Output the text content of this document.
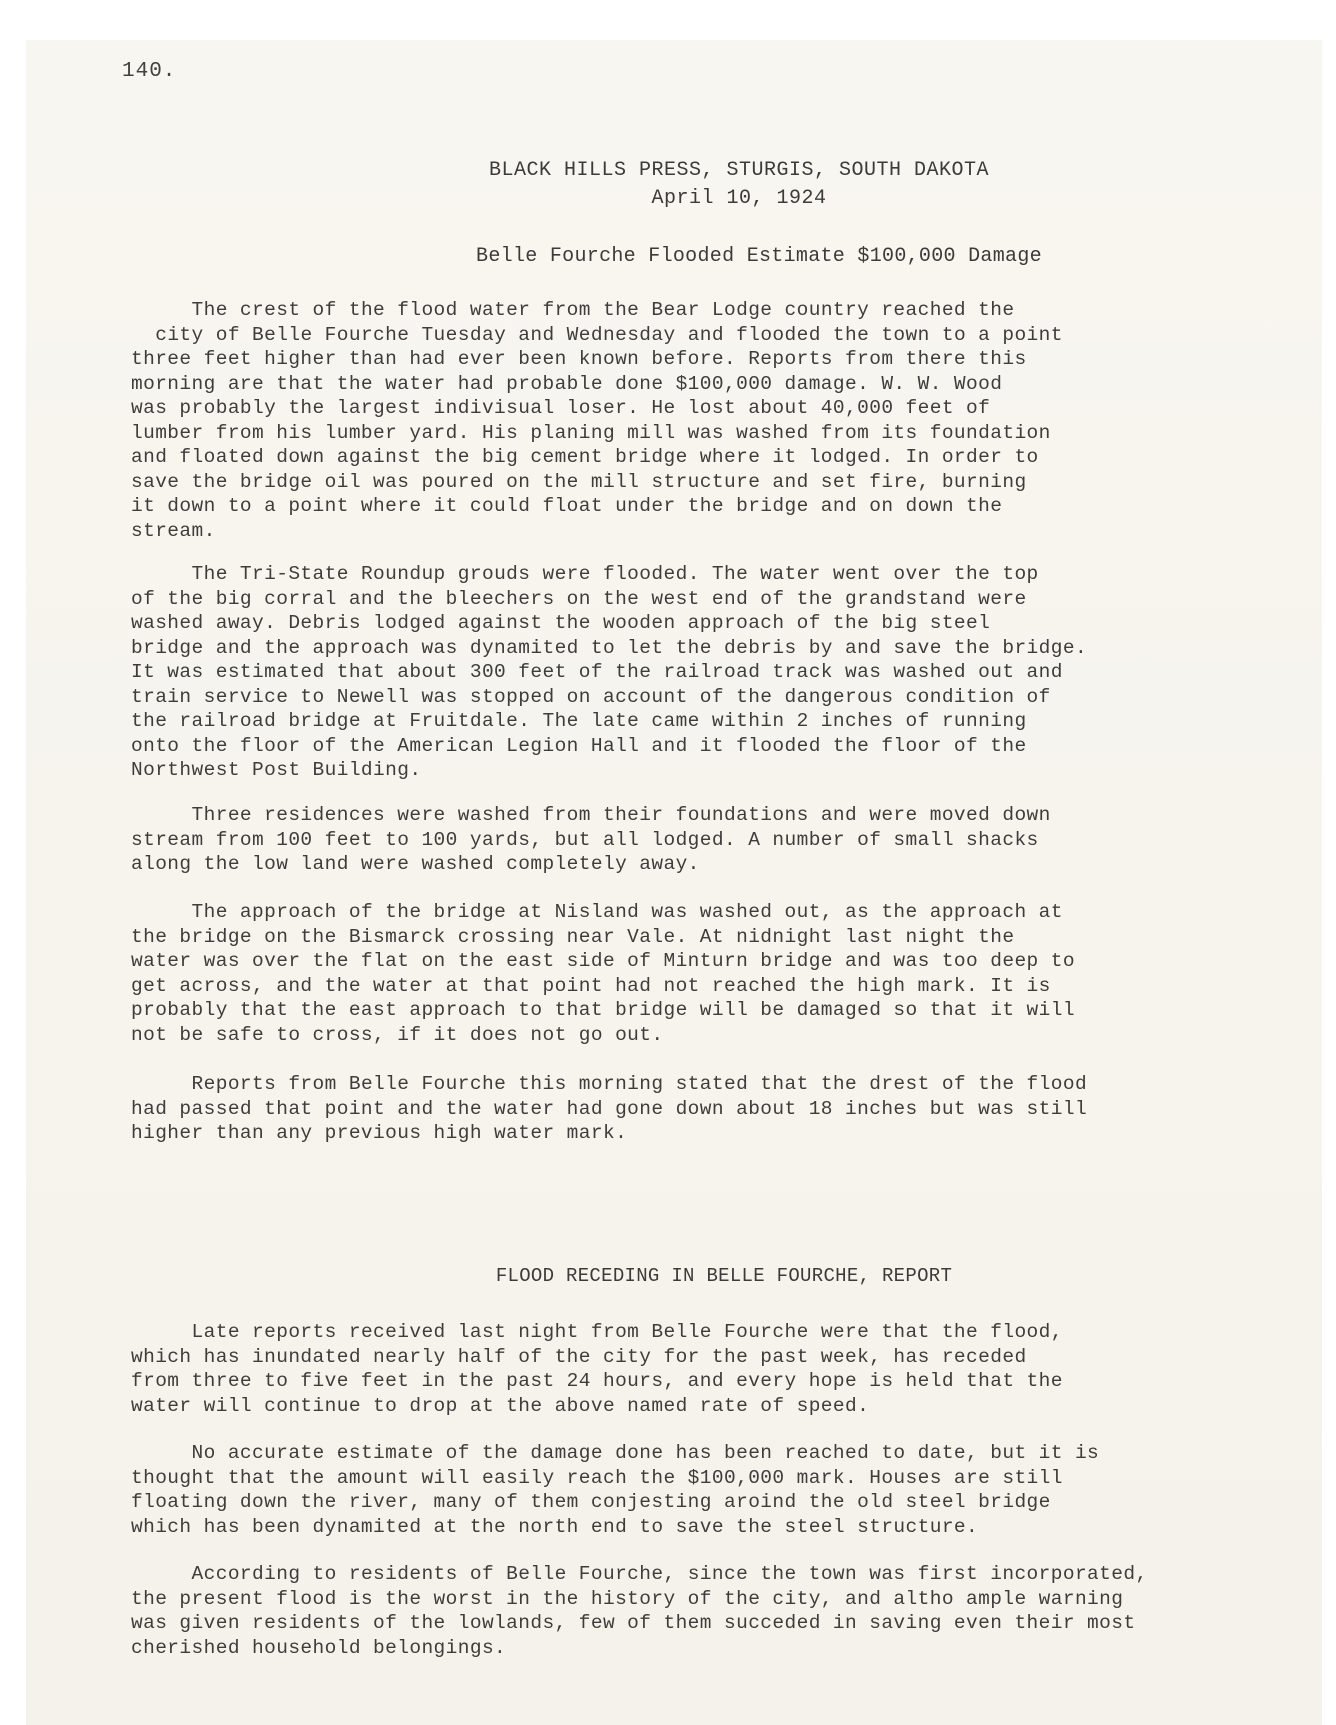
140.
BLACK HILLS PRESS, STURGIS, SOUTH DAKOTA
April 10, 1924
Belle Fourche Flooded Estimate $100,000 Damage
The crest of the flood water from the Bear Lodge country reached the
city of Belle Fourche Tuesday and Wednesday and flooded the town to a point
three feet higher than had ever been known before. Reports from there this
morning are that the water had probable done $100,000 damage. W. W. Wood
was probably the largest indivisual loser. He lost about 40,000 feet of
lumber from his lumber yard. His planing mill was washed from its foundation
and floated down against the big cement bridge where it lodged. In order to
save the bridge oil was poured on the mill structure and set fire, burning
it down to a point where it could float under the bridge and on down the
stream.
The Tri-State Roundup grouds were flooded. The water went over the top
of the big corral and the bleechers on the west end of the grandstand were
washed away. Debris lodged against the wooden approach of the big steel
bridge and the approach was dynamited to let the debris by and save the bridge.
It was estimated that about 300 feet of the railroad track was washed out and
train service to Newell was stopped on account of the dangerous condition of
the railroad bridge at Fruitdale. The late came within 2 inches of running
onto the floor of the American Legion Hall and it flooded the floor of the
Northwest Post Building.
Three residences were washed from their foundations and were moved down
stream from 100 feet to 100 yards, but all lodged. A number of small shacks
along the low land were washed completely away.
The approach of the bridge at Nisland was washed out, as the approach at
the bridge on the Bismarck crossing near Vale. At nidnight last night the
water was over the flat on the east side of Minturn bridge and was too deep to
get across, and the water at that point had not reached the high mark. It is
probably that the east approach to that bridge will be damaged so that it will
not be safe to cross, if it does not go out.
Reports from Belle Fourche this morning stated that the drest of the flood
had passed that point and the water had gone down about 18 inches but was still
higher than any previous high water mark.
FLOOD RECEDING IN BELLE FOURCHE, REPORT
Late reports received last night from Belle Fourche were that the flood,
which has inundated nearly half of the city for the past week, has receded
from three to five feet in the past 24 hours, and every hope is held that the
water will continue to drop at the above named rate of speed.
No accurate estimate of the damage done has been reached to date, but it is
thought that the amount will easily reach the $100,000 mark. Houses are still
floating down the river, many of them conjesting aroind the old steel bridge
which has been dynamited at the north end to save the steel structure.
According to residents of Belle Fourche, since the town was first incorporated,
the present flood is the worst in the history of the city, and altho ample warning
was given residents of the lowlands, few of them succeded in saving even their most
cherished household belongings.
